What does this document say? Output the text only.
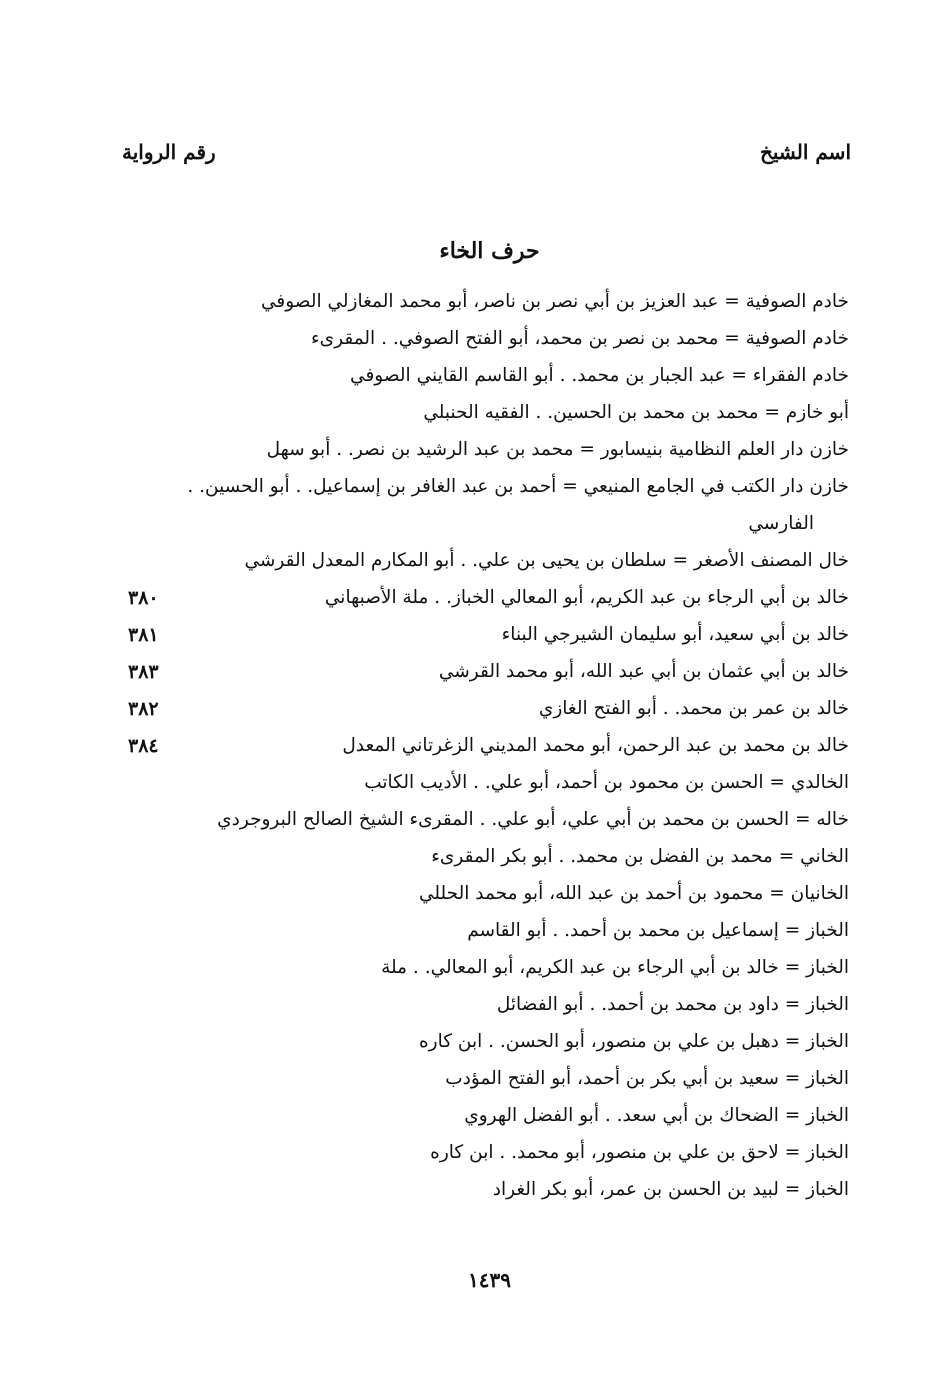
اسم الشيخ
رقم الرواية
حرف الخاء
خادم الصوفية = عبد العزيز بن أبي نصر بن ناصر، أبو محمد المغازلي الصوفي
خادم الصوفية = محمد بن نصر بن محمد، أبو الفتح الصوفي. . المقرىء
خادم الفقراء = عبد الجبار بن محمد. . أبو القاسم القايني الصوفي
أبو خازم = محمد بن محمد بن الحسين. . الفقيه الحنبلي
خازن دار العلم النظامية بنيسابور = محمد بن عبد الرشيد بن نصر. . أبو سهل
خازن دار الكتب في الجامع المنيعي = أحمد بن عبد الغافر بن إسماعيل. . أبو الحسين. .
الفارسي
خال المصنف الأصغر = سلطان بن يحيى بن علي. . أبو المكارم المعدل القرشي
خالد بن أبي الرجاء بن عبد الكريم، أبو المعالي الخباز. . ملة الأصبهاني
٣٨٠
خالد بن أبي سعيد، أبو سليمان الشيرجي البناء
٣٨١
خالد بن أبي عثمان بن أبي عبد الله، أبو محمد القرشي
٣٨٣
خالد بن عمر بن محمد. . أبو الفتح الغازي
٣٨٢
خالد بن محمد بن عبد الرحمن، أبو محمد المديني الزغرتاني المعدل
٣٨٤
الخالدي = الحسن بن محمود بن أحمد، أبو علي. . الأديب الكاتب
خاله = الحسن بن محمد بن أبي علي، أبو علي. . المقرىء الشيخ الصالح البروجردي
الخاني = محمد بن الفضل بن محمد. . أبو بكر المقرىء
الخانيان = محمود بن أحمد بن عبد الله، أبو محمد الحللي
الخباز = إسماعيل بن محمد بن أحمد. . أبو القاسم
الخباز = خالد بن أبي الرجاء بن عبد الكريم، أبو المعالي. . ملة
الخباز = داود بن محمد بن أحمد. . أبو الفضائل
الخباز = دهبل بن علي بن منصور، أبو الحسن. . ابن كاره
الخباز = سعيد بن أبي بكر بن أحمد، أبو الفتح المؤدب
الخباز = الضحاك بن أبي سعد. . أبو الفضل الهروي
الخباز = لاحق بن علي بن منصور، أبو محمد. . ابن كاره
الخباز = لبيد بن الحسن بن عمر، أبو بكر الغراد
١٤٣٩
